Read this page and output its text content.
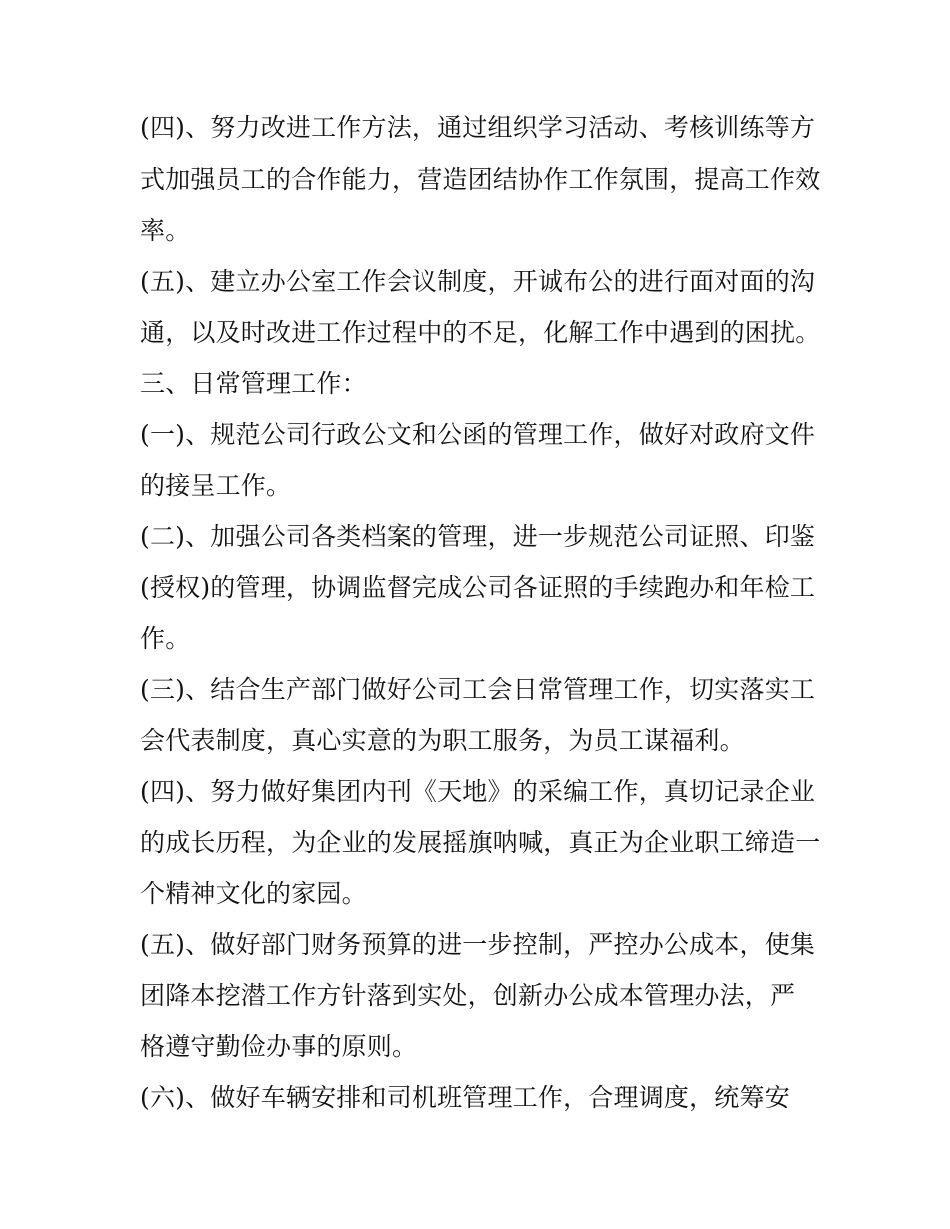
(四)、努力改进工作方法，通过组织学习活动、考核训练等方
式加强员工的合作能力，营造团结协作工作氛围，提高工作效
率。
(五)、建立办公室工作会议制度，开诚布公的进行面对面的沟
通，以及时改进工作过程中的不足，化解工作中遇到的困扰。
三、日常管理工作：
(一)、规范公司行政公文和公函的管理工作，做好对政府文件
的接呈工作。
(二)、加强公司各类档案的管理，进一步规范公司证照、印鉴
(授权)的管理，协调监督完成公司各证照的手续跑办和年检工
作。
(三)、结合生产部门做好公司工会日常管理工作，切实落实工
会代表制度，真心实意的为职工服务，为员工谋福利。
(四)、努力做好集团内刊《天地》的采编工作，真切记录企业
的成长历程，为企业的发展摇旗呐喊，真正为企业职工缔造一
个精神文化的家园。
(五)、做好部门财务预算的进一步控制，严控办公成本，使集
团降本挖潜工作方针落到实处，创新办公成本管理办法，严
格遵守勤俭办事的原则。
(六)、做好车辆安排和司机班管理工作，合理调度，统筹安
